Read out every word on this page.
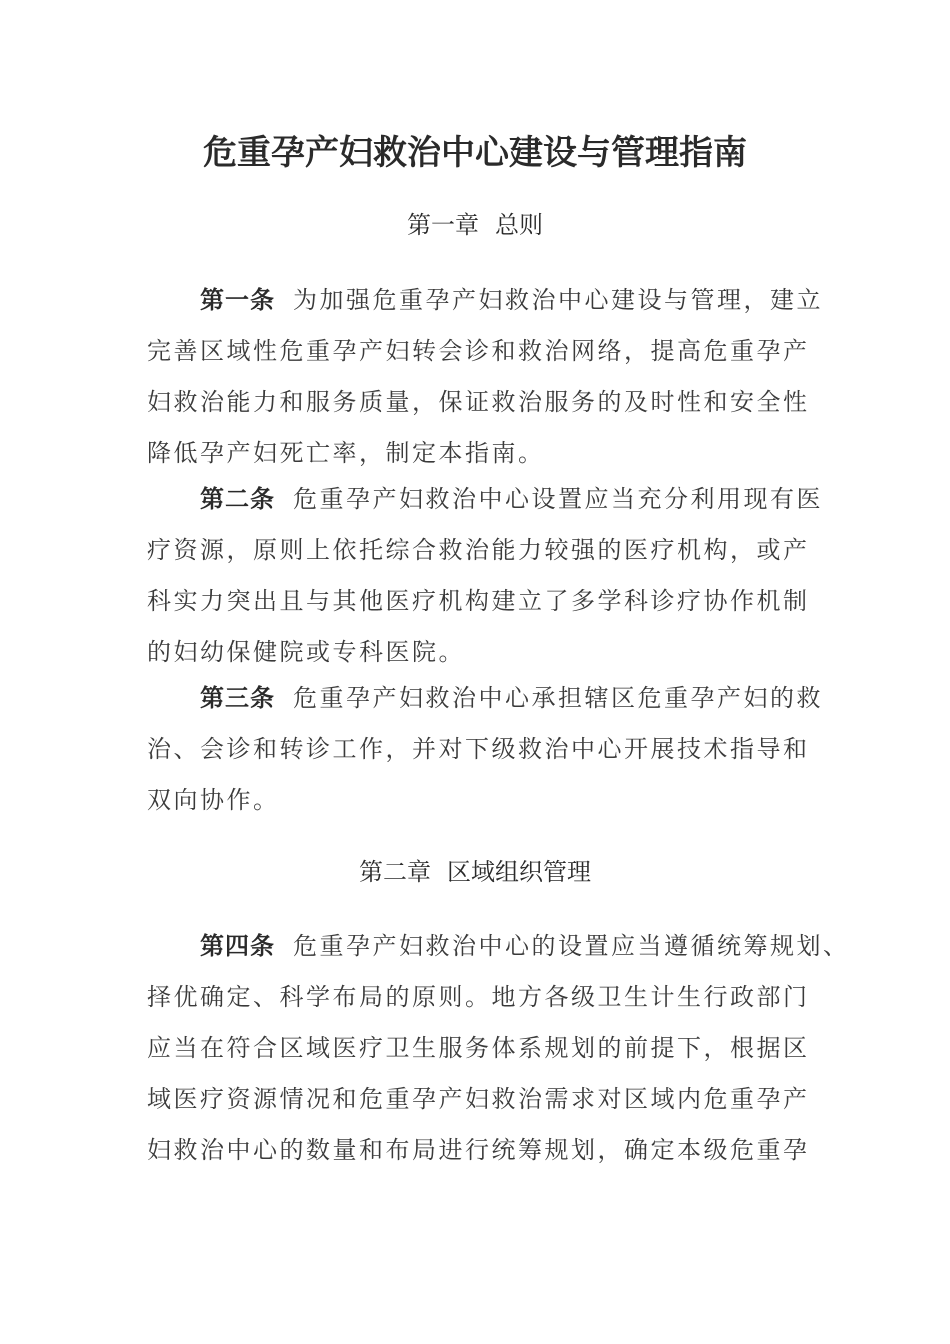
危重孕产妇救治中心建设与管理指南
第一章 总则
第一条 为加强危重孕产妇救治中心建设与管理，建立
完善区域性危重孕产妇转会诊和救治网络，提高危重孕产
妇救治能力和服务质量，保证救治服务的及时性和安全性
降低孕产妇死亡率，制定本指南。
第二条 危重孕产妇救治中心设置应当充分利用现有医
疗资源，原则上依托综合救治能力较强的医疗机构，或产
科实力突出且与其他医疗机构建立了多学科诊疗协作机制
的妇幼保健院或专科医院。
第三条 危重孕产妇救治中心承担辖区危重孕产妇的救
治、会诊和转诊工作，并对下级救治中心开展技术指导和
双向协作。
第二章 区域组织管理
第四条 危重孕产妇救治中心的设置应当遵循统筹规划、
择优确定、科学布局的原则。地方各级卫生计生行政部门
应当在符合区域医疗卫生服务体系规划的前提下，根据区
域医疗资源情况和危重孕产妇救治需求对区域内危重孕产
妇救治中心的数量和布局进行统筹规划，确定本级危重孕
